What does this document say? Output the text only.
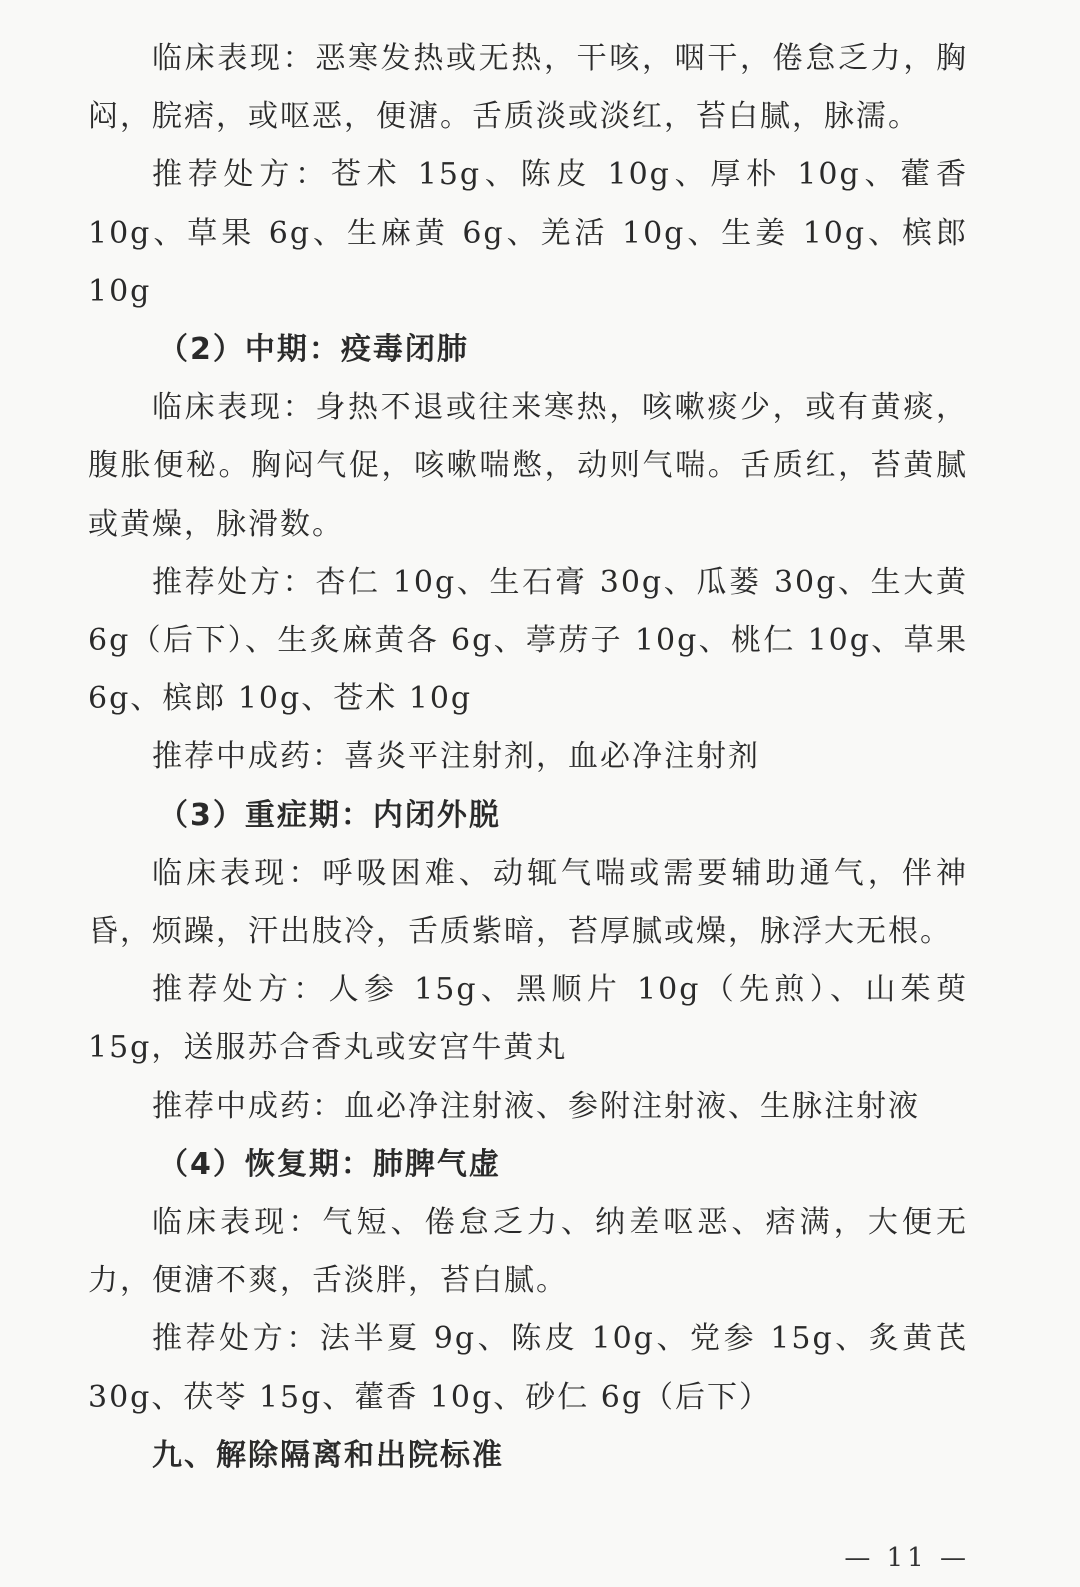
临床表现：恶寒发热或无热，干咳，咽干，倦怠乏力，胸闷，脘痞，或呕恶，便溏。舌质淡或淡红，苔白腻，脉濡。

推荐处方：苍术 15g、陈皮 10g、厚朴 10g、藿香 10g、草果 6g、生麻黄 6g、羌活 10g、生姜 10g、槟郎 10g

（2）中期：疫毒闭肺

临床表现：身热不退或往来寒热，咳嗽痰少，或有黄痰，腹胀便秘。胸闷气促，咳嗽喘憋，动则气喘。舌质红，苔黄腻或黄燥，脉滑数。

推荐处方：杏仁 10g、生石膏 30g、瓜蒌 30g、生大黄 6g（后下）、生炙麻黄各 6g、葶苈子 10g、桃仁 10g、草果 6g、槟郎 10g、苍术 10g

推荐中成药：喜炎平注射剂，血必净注射剂

（3）重症期：内闭外脱

临床表现：呼吸困难、动辄气喘或需要辅助通气，伴神昏，烦躁，汗出肢冷，舌质紫暗，苔厚腻或燥，脉浮大无根。

推荐处方：人参 15g、黑顺片 10g（先煎）、山茱萸 15g，送服苏合香丸或安宫牛黄丸

推荐中成药：血必净注射液、参附注射液、生脉注射液

（4）恢复期：肺脾气虚

临床表现：气短、倦怠乏力、纳差呕恶、痞满，大便无力，便溏不爽，舌淡胖，苔白腻。

推荐处方：法半夏 9g、陈皮 10g、党参 15g、炙黄芪 30g、茯苓 15g、藿香 10g、砂仁 6g（后下）

九、解除隔离和出院标准

— 11 —
